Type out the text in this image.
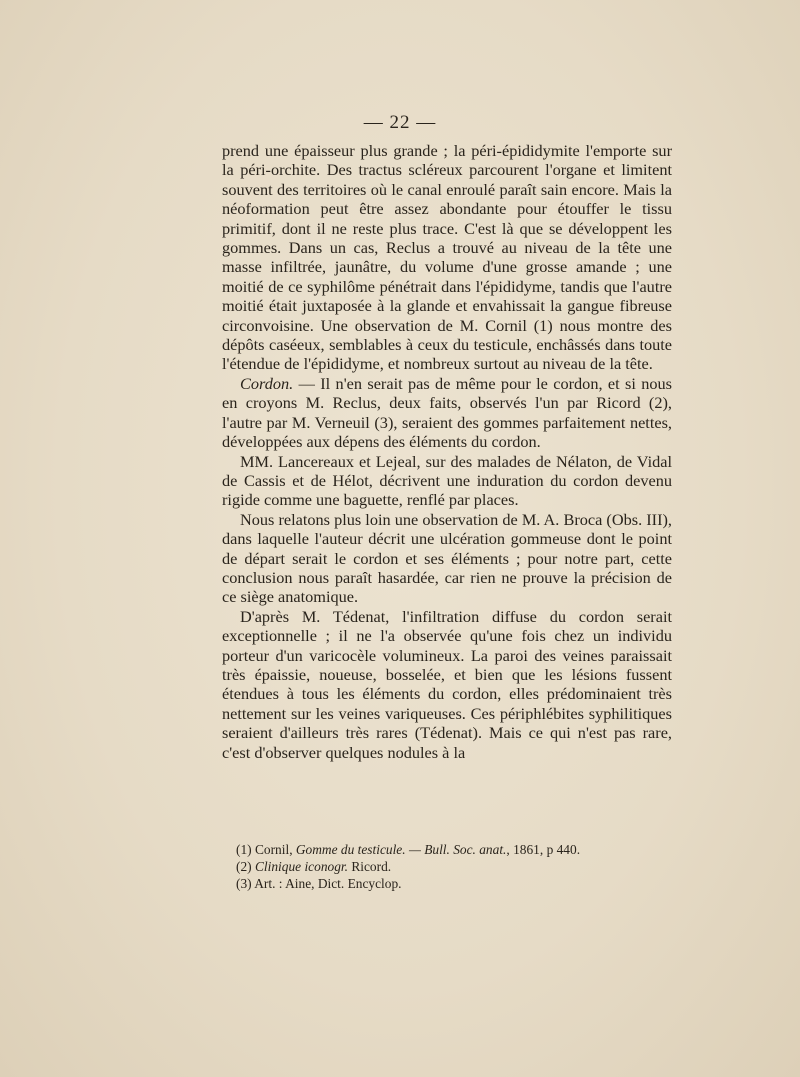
— 22 —

prend une épaisseur plus grande ; la péri-épididymite l'emporte sur la péri-orchite. Des tractus scléreux parcourent l'organe et limitent souvent des territoires où le canal enroulé paraît sain encore. Mais la néoformation peut être assez abondante pour étouffer le tissu primitif, dont il ne reste plus trace. C'est là que se développent les gommes. Dans un cas, Reclus a trouvé au niveau de la tête une masse infiltrée, jaunâtre, du volume d'une grosse amande ; une moitié de ce syphilôme pénétrait dans l'épididyme, tandis que l'autre moitié était juxtaposée à la glande et envahissait la gangue fibreuse circonvoisine. Une observation de M. Cornil (1) nous montre des dépôts caséeux, semblables à ceux du testicule, enchâssés dans toute l'étendue de l'épididyme, et nombreux surtout au niveau de la tête.

Cordon. — Il n'en serait pas de même pour le cordon, et si nous en croyons M. Reclus, deux faits, observés l'un par Ricord (2), l'autre par M. Verneuil (3), seraient des gommes parfaitement nettes, développées aux dépens des éléments du cordon.

MM. Lancereaux et Lejeal, sur des malades de Nélaton, de Vidal de Cassis et de Hélot, décrivent une induration du cordon devenu rigide comme une baguette, renflé par places.

Nous relatons plus loin une observation de M. A. Broca (Obs. III), dans laquelle l'auteur décrit une ulcération gommeuse dont le point de départ serait le cordon et ses éléments ; pour notre part, cette conclusion nous paraît hasardée, car rien ne prouve la précision de ce siège anatomique.

D'après M. Tédenat, l'infiltration diffuse du cordon serait exceptionnelle ; il ne l'a observée qu'une fois chez un individu porteur d'un varicocèle volumineux. La paroi des veines paraissait très épaissie, noueuse, bosselée, et bien que les lésions fussent étendues à tous les éléments du cordon, elles prédominaient très nettement sur les veines variqueuses. Ces périphlébites syphilitiques seraient d'ailleurs très rares (Tédenat). Mais ce qui n'est pas rare, c'est d'observer quelques nodules à la

(1) Cornil, Gomme du testicule. — Bull. Soc. anat., 1861, p 440.
(2) Clinique iconogr. Ricord.
(3) Art. : Aine, Dict. Encyclop.
